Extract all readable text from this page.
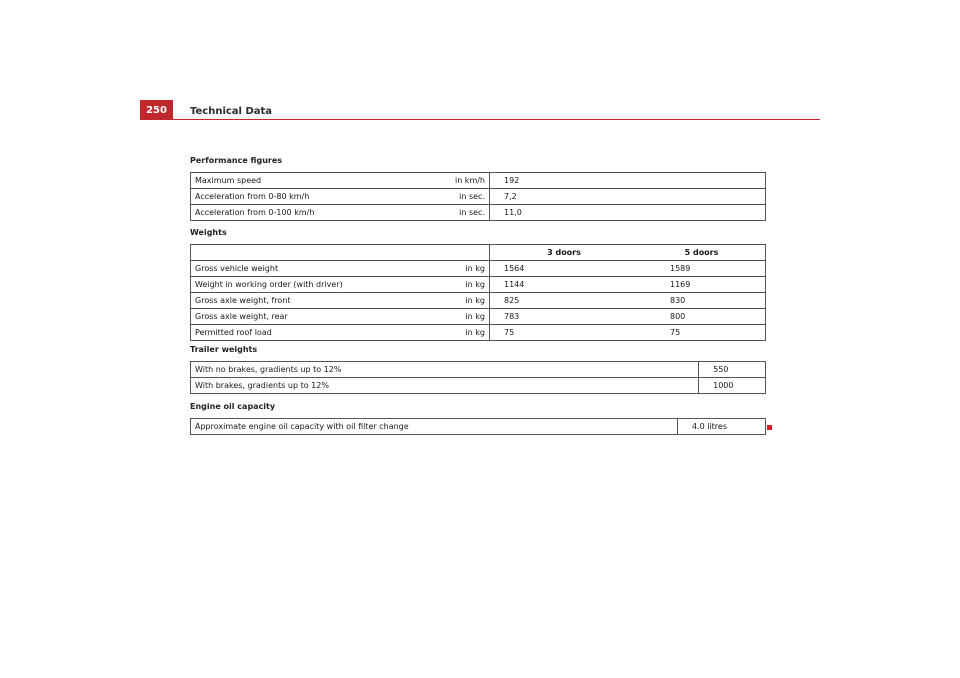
250	Technical Data
Performance figures
Maximum speed	in km/h	192
Acceleration from 0-80 km/h	in sec.	7,2
Acceleration from 0-100 km/h	in sec.	11,0
Weights
		3 doors	5 doors
Gross vehicle weight	in kg	1564	1589
Weight in working order (with driver)	in kg	1144	1169
Gross axle weight, front	in kg	825	830
Gross axle weight, rear	in kg	783	800
Permitted roof load	in kg	75	75
Trailer weights
With no brakes, gradients up to 12%	550
With brakes, gradients up to 12%	1000
Engine oil capacity
Approximate engine oil capacity with oil filter change	4.0 litres
